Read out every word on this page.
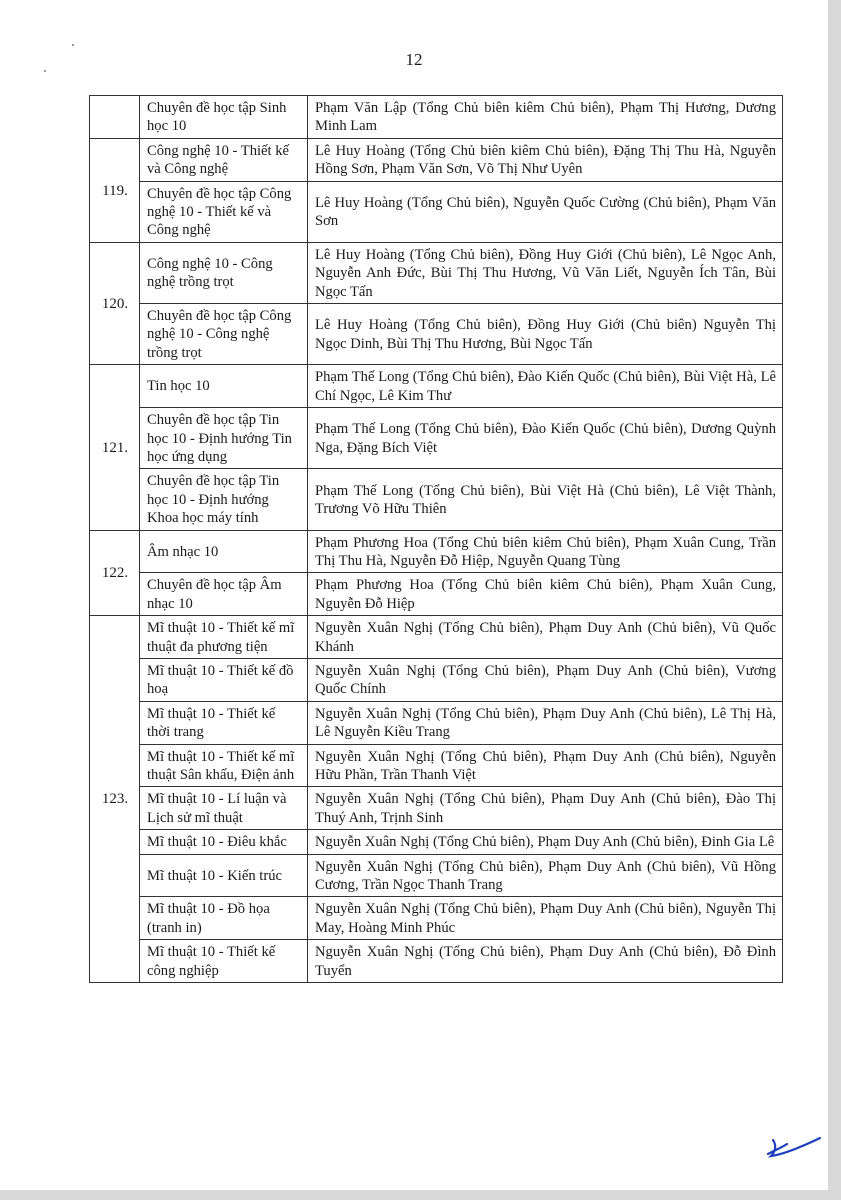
12
	Chuyên đề học tập Sinh học 10	Phạm Văn Lập (Tổng Chủ biên kiêm Chủ biên), Phạm Thị Hương, Dương Minh Lam
119.	Công nghệ 10 - Thiết kế và Công nghệ	Lê Huy Hoàng (Tổng Chủ biên kiêm Chủ biên), Đặng Thị Thu Hà, Nguyễn Hồng Sơn, Phạm Văn Sơn, Võ Thị Như Uyên
	Chuyên đề học tập Công nghệ 10 - Thiết kế và Công nghệ	Lê Huy Hoàng (Tổng Chủ biên), Nguyễn Quốc Cường (Chủ biên), Phạm Văn Sơn
120.	Công nghệ 10 - Công nghệ trồng trọt	Lê Huy Hoàng (Tổng Chủ biên), Đồng Huy Giới (Chủ biên), Lê Ngọc Anh, Nguyễn Anh Đức, Bùi Thị Thu Hương, Vũ Văn Liết, Nguyễn Ích Tân, Bùi Ngọc Tấn
	Chuyên đề học tập Công nghệ 10 - Công nghệ trồng trọt	Lê Huy Hoàng (Tổng Chủ biên), Đồng Huy Giới (Chủ biên) Nguyễn Thị Ngọc Dinh, Bùi Thị Thu Hương, Bùi Ngọc Tấn
121.	Tin học 10	Phạm Thế Long (Tổng Chủ biên), Đào Kiến Quốc (Chủ biên), Bùi Việt Hà, Lê Chí Ngọc, Lê Kim Thư
	Chuyên đề học tập Tin học 10 - Định hướng Tin học ứng dụng	Phạm Thế Long (Tổng Chủ biên), Đào Kiến Quốc (Chủ biên), Dương Quỳnh Nga, Đặng Bích Việt
	Chuyên đề học tập Tin học 10 - Định hướng Khoa học máy tính	Phạm Thế Long (Tổng Chủ biên), Bùi Việt Hà (Chủ biên), Lê Việt Thành, Trương Võ Hữu Thiên
122.	Âm nhạc 10	Phạm Phương Hoa (Tổng Chủ biên kiêm Chủ biên), Phạm Xuân Cung, Trần Thị Thu Hà, Nguyễn Đỗ Hiệp, Nguyễn Quang Tùng
	Chuyên đề học tập Âm nhạc 10	Phạm Phương Hoa (Tổng Chủ biên kiêm Chủ biên), Phạm Xuân Cung, Nguyễn Đỗ Hiệp
123.	Mĩ thuật 10 - Thiết kế mĩ thuật đa phương tiện	Nguyễn Xuân Nghị (Tổng Chủ biên), Phạm Duy Anh (Chủ biên), Vũ Quốc Khánh
	Mĩ thuật 10 - Thiết kế đồ hoạ	Nguyễn Xuân Nghị (Tổng Chủ biên), Phạm Duy Anh (Chủ biên), Vương Quốc Chính
	Mĩ thuật 10 - Thiết kế thời trang	Nguyễn Xuân Nghị (Tổng Chủ biên), Phạm Duy Anh (Chủ biên), Lê Thị Hà, Lê Nguyễn Kiều Trang
	Mĩ thuật 10 - Thiết kế mĩ thuật Sân khấu, Điện ảnh	Nguyễn Xuân Nghị (Tổng Chủ biên), Phạm Duy Anh (Chủ biên), Nguyễn Hữu Phần, Trần Thanh Việt
	Mĩ thuật 10 - Lí luận và Lịch sử mĩ thuật	Nguyễn Xuân Nghị (Tổng Chủ biên), Phạm Duy Anh (Chủ biên), Đào Thị Thuý Anh, Trịnh Sinh
	Mĩ thuật 10 - Điêu khắc	Nguyễn Xuân Nghị (Tổng Chủ biên), Phạm Duy Anh (Chủ biên), Đinh Gia Lê
	Mĩ thuật 10 - Kiến trúc	Nguyễn Xuân Nghị (Tổng Chủ biên), Phạm Duy Anh (Chủ biên), Vũ Hồng Cương, Trần Ngọc Thanh Trang
	Mĩ thuật 10 - Đồ họa (tranh in)	Nguyễn Xuân Nghị (Tổng Chủ biên), Phạm Duy Anh (Chủ biên), Nguyễn Thị May, Hoàng Minh Phúc
	Mĩ thuật 10 - Thiết kế công nghiệp	Nguyễn Xuân Nghị (Tổng Chủ biên), Phạm Duy Anh (Chủ biên), Đỗ Đình Tuyển
